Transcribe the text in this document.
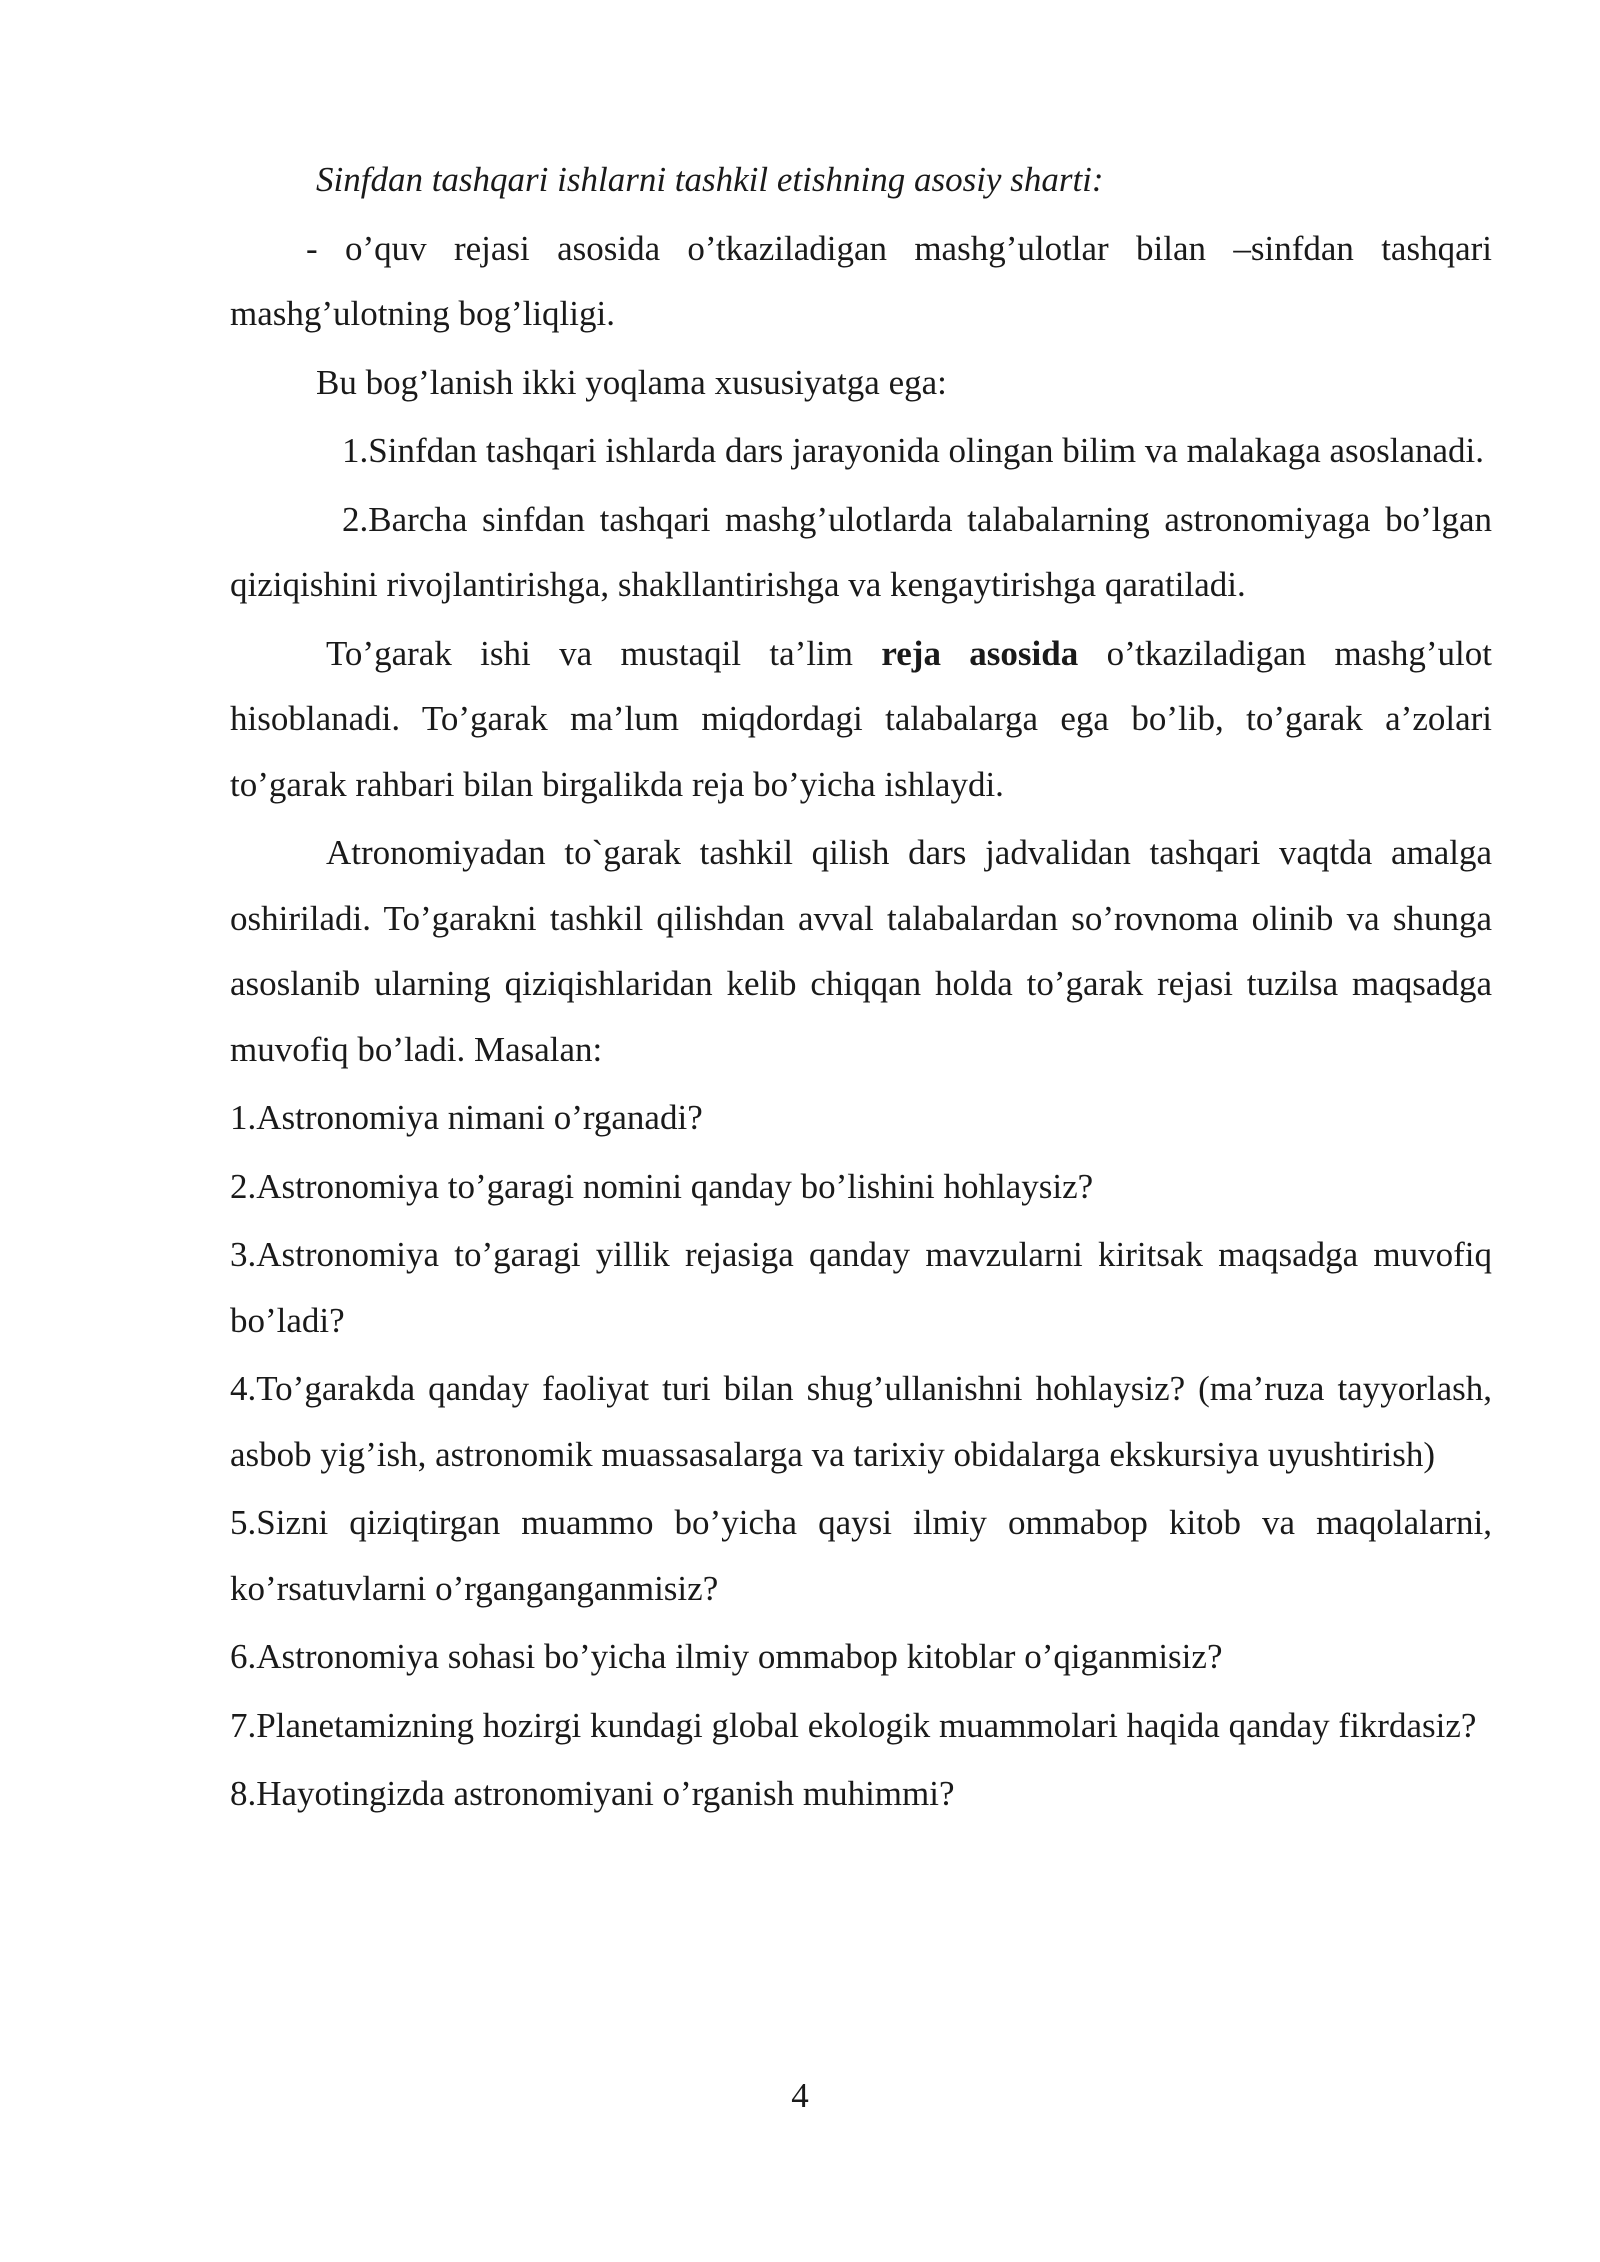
Sinfdan tashqari ishlarni tashkil etishning asosiy sharti:

- o’quv rejasi asosida o’tkaziladigan mashg’ulotlar bilan –sinfdan tashqari mashg’ulotning bog’liqligi.

Bu bog’lanish ikki yoqlama xususiyatga ega:

1.Sinfdan tashqari ishlarda dars jarayonida olingan bilim va malakaga asoslanadi.

2.Barcha sinfdan tashqari mashg’ulotlarda talabalarning astronomiyaga bo’lgan qiziqishini rivojlantirishga, shakllantirishga va kengaytirishga qaratiladi.

To’garak ishi va mustaqil ta’lim reja asosida o’tkaziladigan mashg’ulot hisoblanadi. To’garak ma’lum miqdordagi talabalarga ega bo’lib, to’garak a’zolari to’garak rahbari bilan birgalikda reja bo’yicha ishlaydi.

Atronomiyadan to`garak tashkil qilish dars jadvalidan tashqari vaqtda amalga oshiriladi. To’garakni tashkil qilishdan avval talabalardan so’rovnoma olinib va shunga asoslanib ularning qiziqishlaridan kelib chiqqan holda to’garak rejasi tuzilsa maqsadga muvofiq bo’ladi. Masalan:

1.Astronomiya nimani o’rganadi?

2.Astronomiya to’garagi nomini qanday bo’lishini hohlaysiz?

3.Astronomiya to’garagi yillik rejasiga qanday mavzularni kiritsak maqsadga muvofiq bo’ladi?

4.To’garakda qanday faoliyat turi bilan shug’ullanishni hohlaysiz? (ma’ruza tayyorlash, asbob yig’ish, astronomik muassasalarga va tarixiy obidalarga ekskursiya uyushtirish)

5.Sizni qiziqtirgan muammo bo’yicha qaysi ilmiy ommabop kitob va maqolalarni, ko’rsatuvlarni o’rganganganmisiz?

6.Astronomiya sohasi bo’yicha ilmiy ommabop kitoblar o’qiganmisiz?

7.Planetamizning hozirgi kundagi global ekologik muammolari haqida qanday fikrdasiz?

8.Hayotingizda astronomiyani o’rganish muhimmi?

4
